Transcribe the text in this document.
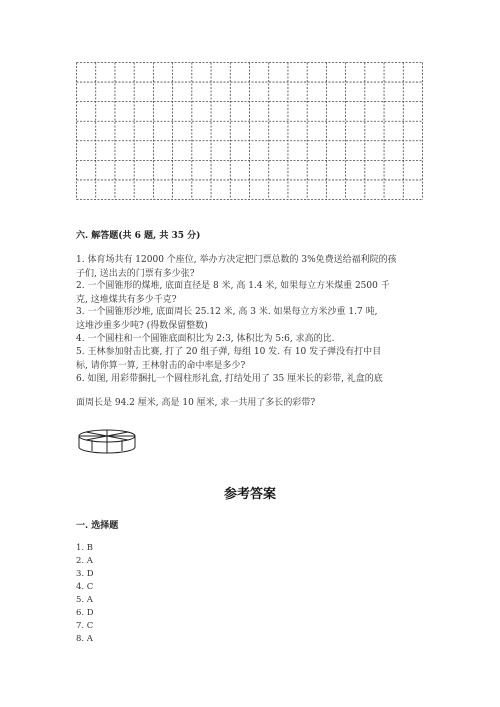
六. 解答题(共 6 题, 共 35 分)
1. 体育场共有 12000 个座位, 举办方决定把门票总数的 3%免费送给福利院的孩
子们, 送出去的门票有多少张?
2. 一个圆锥形的煤堆, 底面直径是 8 米, 高 1.4 米, 如果每立方米煤重 2500 千
克, 这堆煤共有多少千克?
3. 一个圆锥形沙堆, 底面周长 25.12 米, 高 3 米. 如果每立方米沙重 1.7 吨,
这堆沙重多少吨? (得数保留整数)
4. 一个圆柱和一个圆锥底面积比为 2:3, 体积比为 5:6, 求高的比.
5. 王林参加射击比赛, 打了 20 组子弹, 每组 10 发. 有 10 发子弹没有打中目
标, 请你算一算, 王林射击的命中率是多少?
6. 如图, 用彩带捆扎一个圆柱形礼盒, 打结处用了 35 厘米长的彩带, 礼盒的底
面周长是 94.2 厘米, 高是 10 厘米, 求一共用了多长的彩带?
参考答案
一. 选择题
1. B
2. A
3. D
4. C
5. A
6. D
7. C
8. A
